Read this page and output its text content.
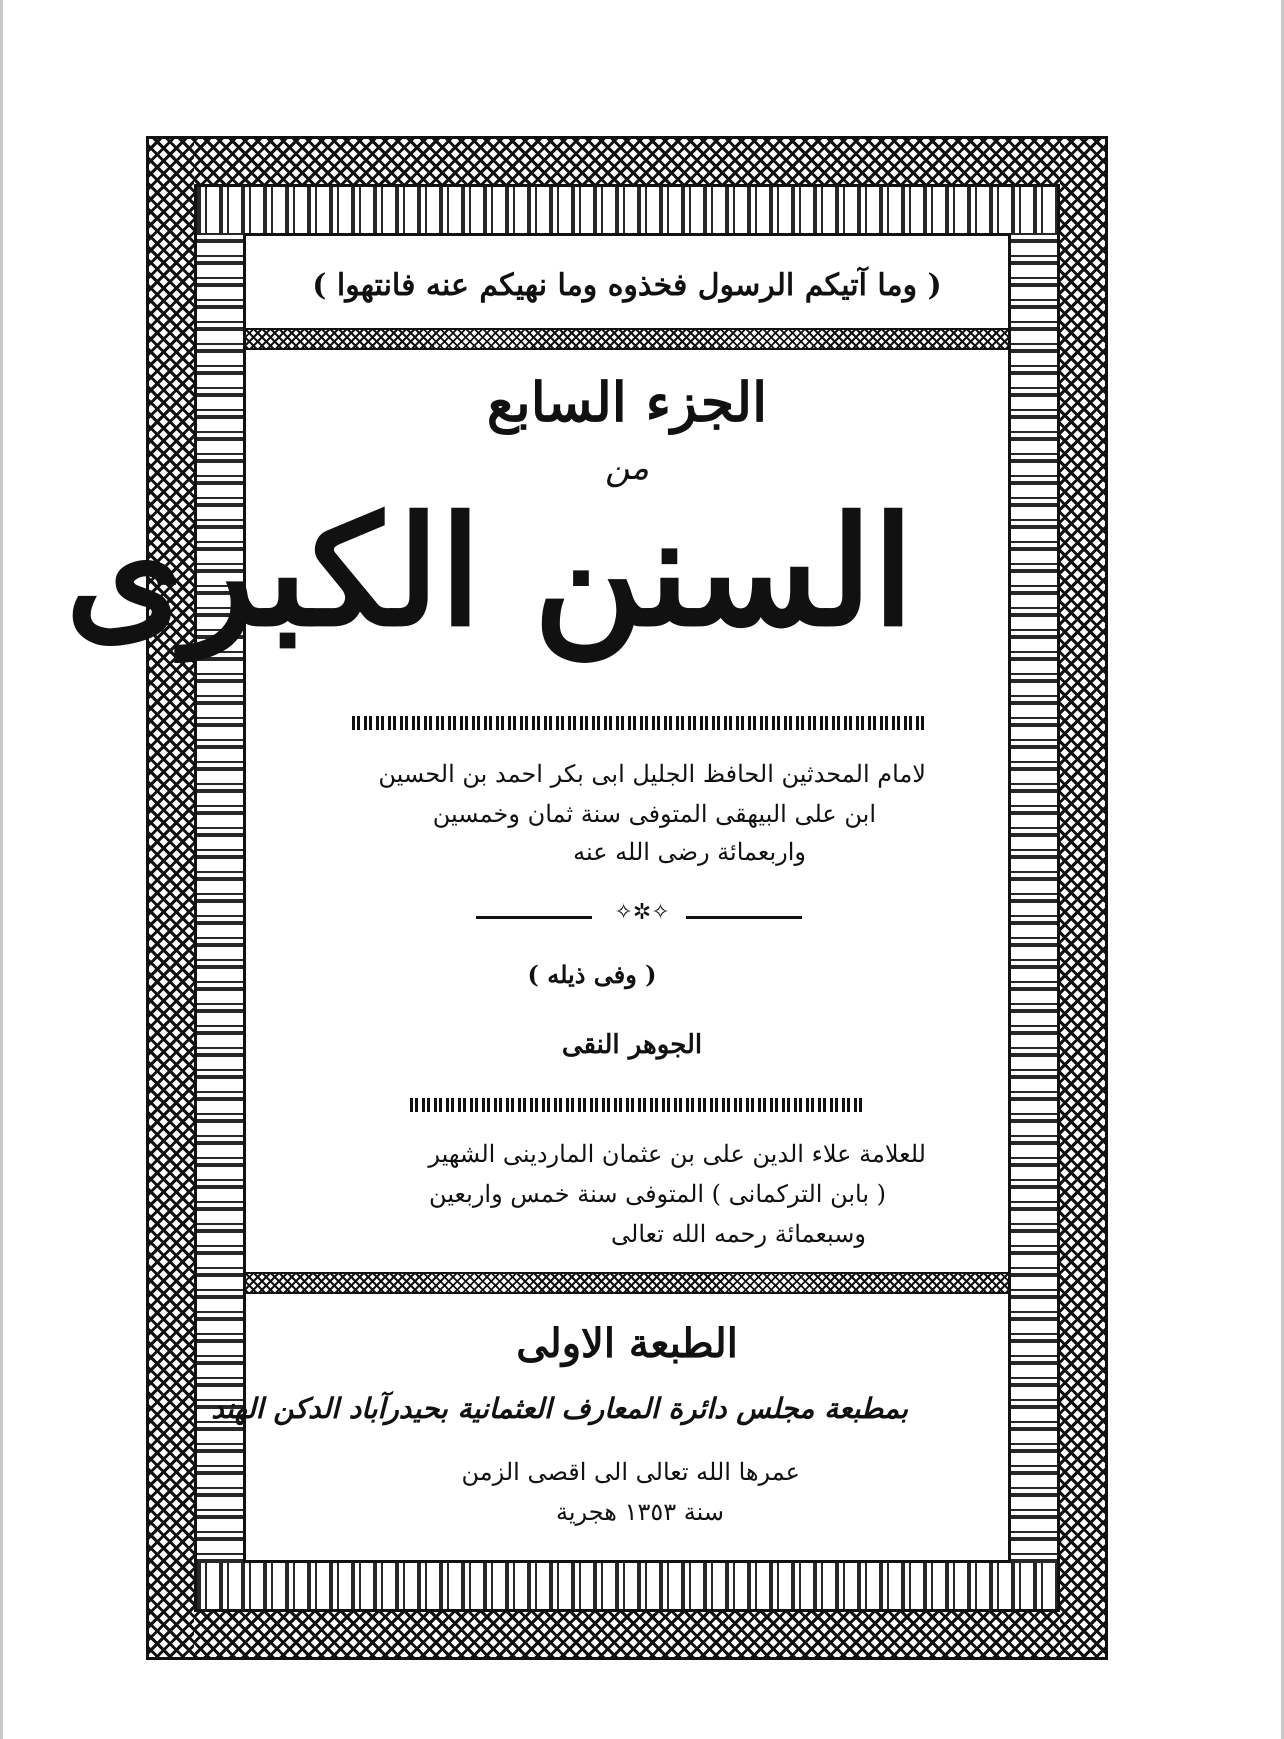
( وما آتيكم الرسول فخذوه وما نهيكم عنه فانتهوا )
الجزء السابع
من
السنن الكبرى
لامام المحدثين الحافظ الجليل ابى بكر احمد بن الحسين
ابن على البيهقى المتوفى سنة ثمان وخمسين
واربعمائة رضى الله عنه
✧✲✧
( وفى ذيله )
الجوهر النقى
للعلامة علاء الدين على بن عثمان الماردينى الشهير
( بابن التركمانى ) المتوفى سنة خمس واربعين
وسبعمائة رحمه الله تعالى
الطبعة الاولى
بمطبعة مجلس دائرة المعارف العثمانية بحيدرآباد الدكن الهند
عمرها الله تعالى الى اقصى الزمن
سنة ١٣٥٣ هجرية
